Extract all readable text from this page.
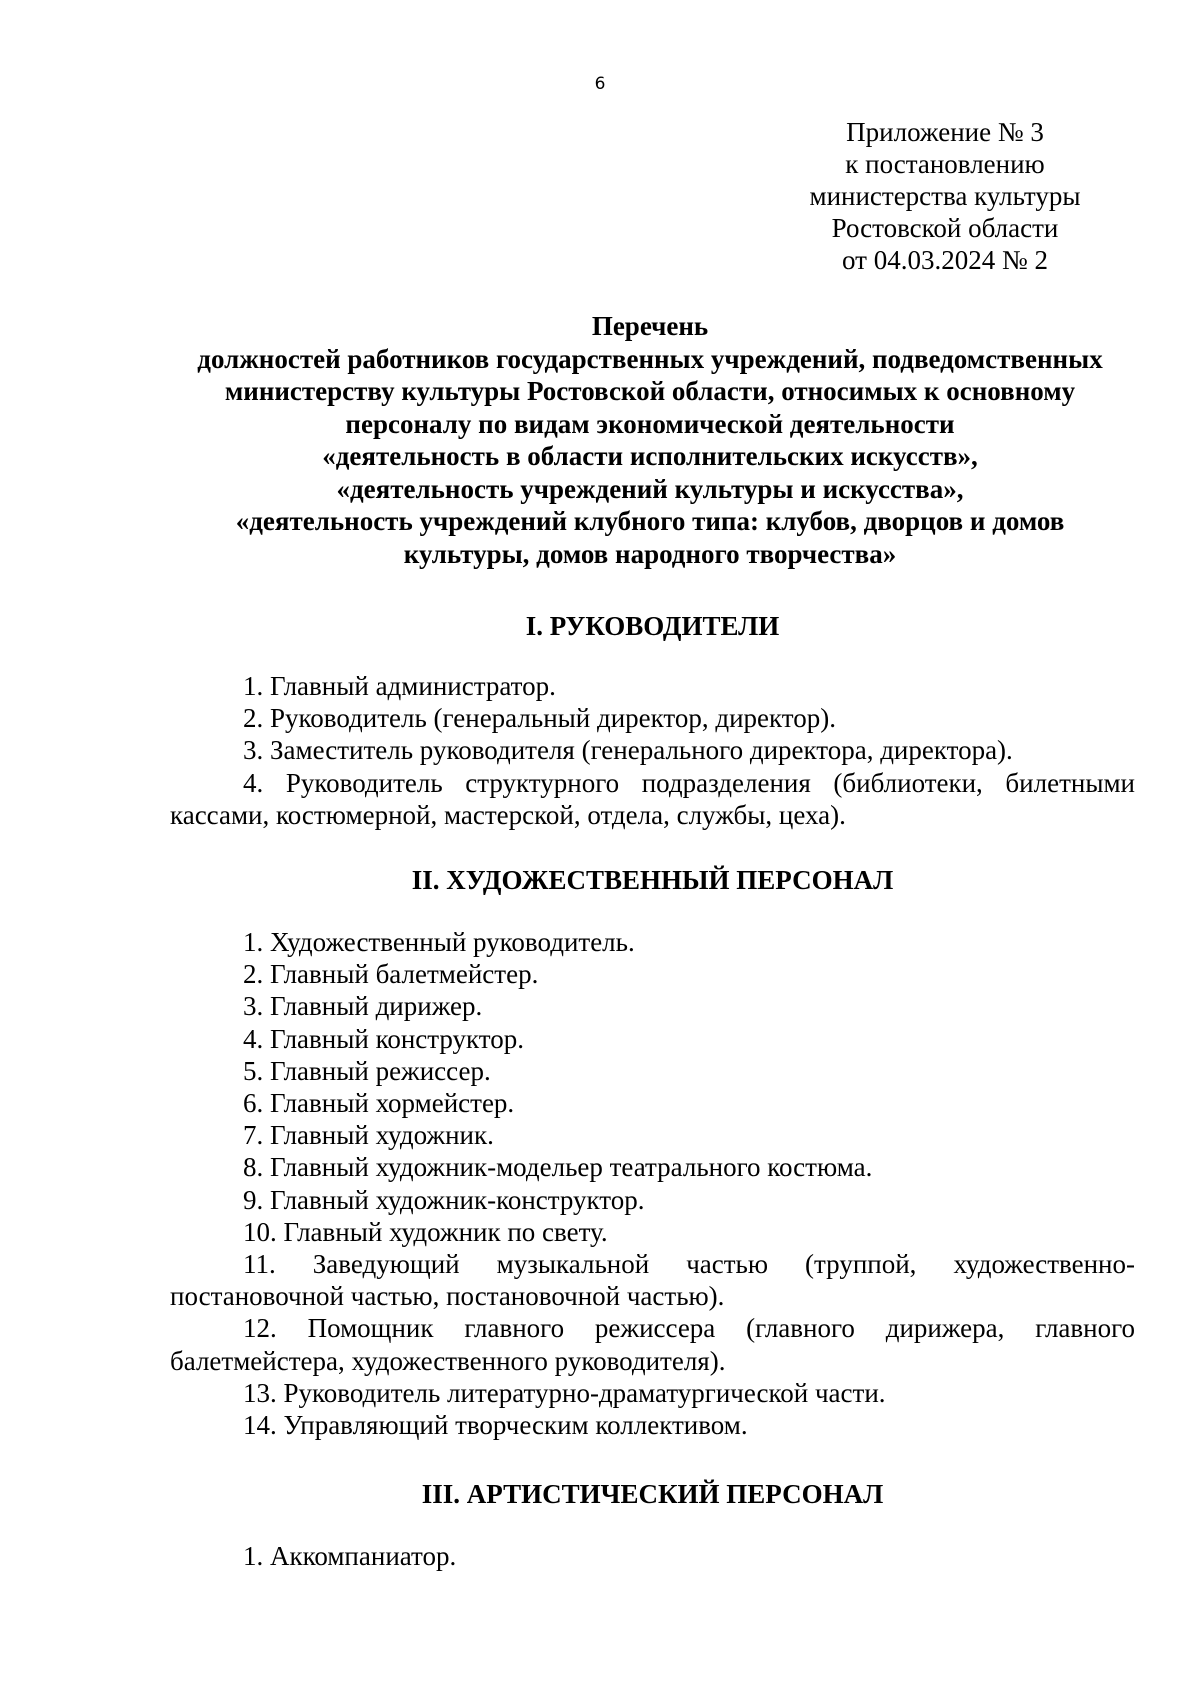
6
Приложение № 3
к постановлению
министерства культуры
Ростовской области
от 04.03.2024 № 2
Перечень
должностей работников государственных учреждений, подведомственных
министерству культуры Ростовской области, относимых к основному
персоналу по видам экономической деятельности
«деятельность в области исполнительских искусств»,
«деятельность учреждений культуры и искусства»,
«деятельность учреждений клубного типа: клубов, дворцов и домов
культуры, домов народного творчества»
I. РУКОВОДИТЕЛИ
1. Главный администратор.
2. Руководитель (генеральный директор, директор).
3. Заместитель руководителя (генерального директора, директора).
4. Руководитель структурного подразделения (библиотеки, билетными кассами, костюмерной, мастерской, отдела, службы, цеха).
II. ХУДОЖЕСТВЕННЫЙ ПЕРСОНАЛ
1. Художественный руководитель.
2. Главный балетмейстер.
3. Главный дирижер.
4. Главный конструктор.
5. Главный режиссер.
6. Главный хормейстер.
7. Главный художник.
8. Главный художник-модельер театрального костюма.
9. Главный художник-конструктор.
10. Главный художник по свету.
11. Заведующий музыкальной частью (труппой, художественно-постановочной частью, постановочной частью).
12. Помощник главного режиссера (главного дирижера, главного балетмейстера, художественного руководителя).
13. Руководитель литературно-драматургической части.
14. Управляющий творческим коллективом.
III. АРТИСТИЧЕСКИЙ ПЕРСОНАЛ
1. Аккомпаниатор.
